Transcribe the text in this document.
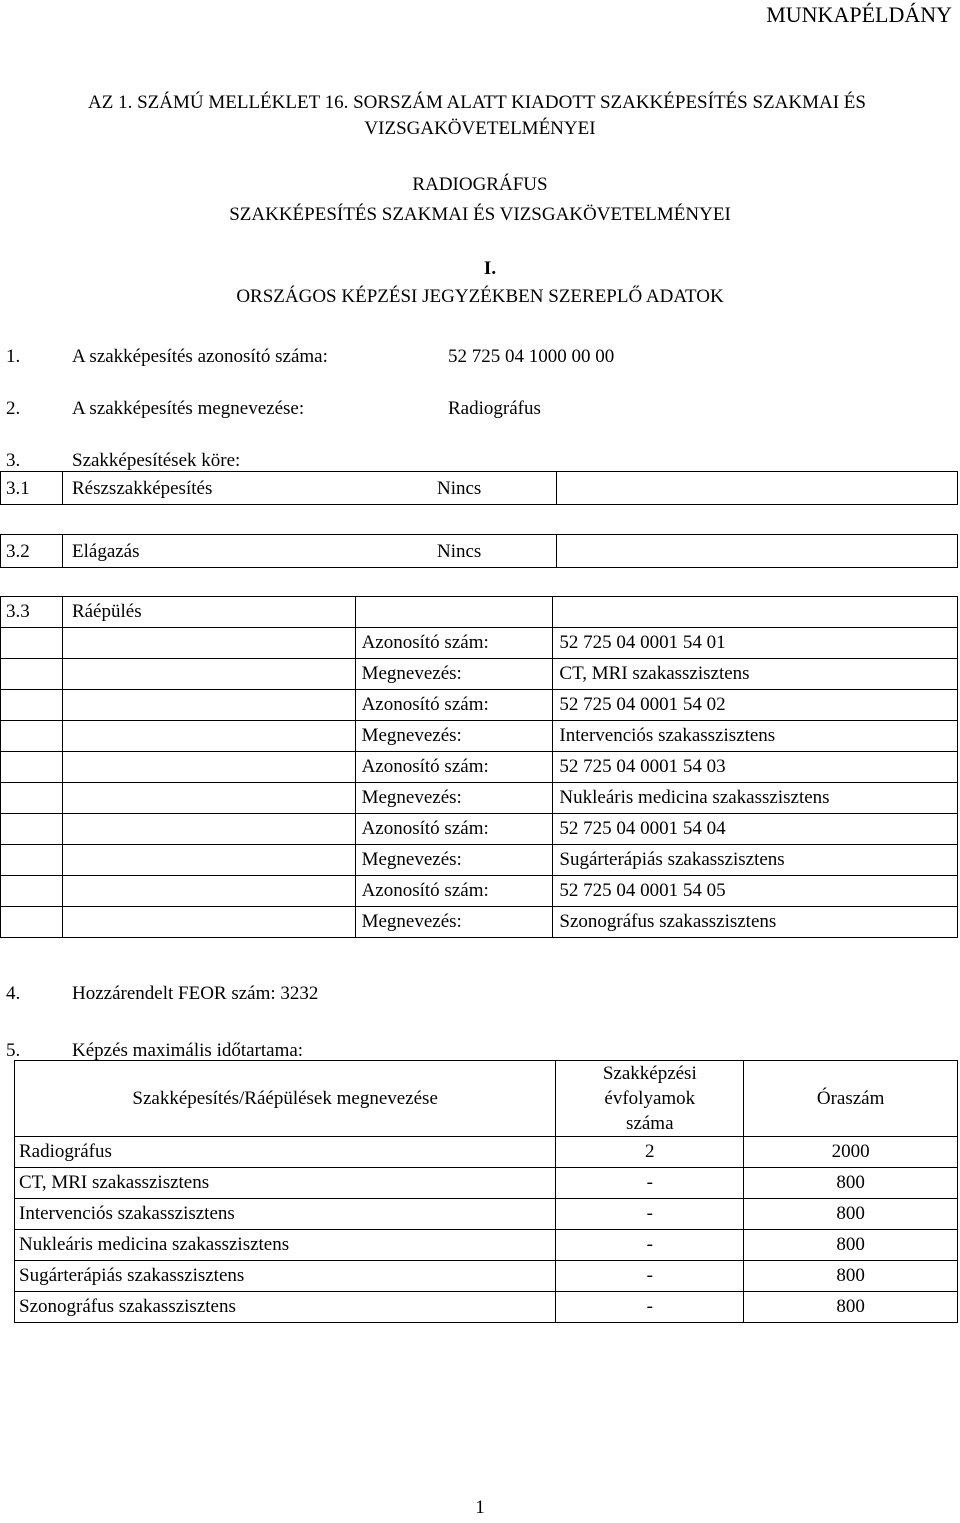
MUNKAPÉLDÁNY
AZ 1. SZÁMÚ MELLÉKLET 16. SORSZÁM ALATT KIADOTT SZAKKÉPESÍTÉS SZAKMAI ÉS
VIZSGAKÖVETELMÉNYEI
RADIOGRÁFUS
SZAKKÉPESÍTÉS SZAKMAI ÉS VIZSGAKÖVETELMÉNYEI
I.
ORSZÁGOS KÉPZÉSI JEGYZÉKBEN SZEREPLŐ ADATOK
1.	A szakképesítés azonosító száma:	52 725 04 1000 00 00
2.	A szakképesítés megnevezése:	Radiográfus
3.	Szakképesítések köre:
3.1 Részszakképesítés	Nincs
3.2 Elágazás	Nincs
3.3	Ráépülés		
		Azonosító szám:	52 725 04 0001 54 01
		Megnevezés:	CT, MRI szakasszisztens
		Azonosító szám:	52 725 04 0001 54 02
		Megnevezés:	Intervenciós szakasszisztens
		Azonosító szám:	52 725 04 0001 54 03
		Megnevezés:	Nukleáris medicina szakasszisztens
		Azonosító szám:	52 725 04 0001 54 04
		Megnevezés:	Sugárterápiás szakasszisztens
		Azonosító szám:	52 725 04 0001 54 05
		Megnevezés:	Szonográfus szakasszisztens
4.	Hozzárendelt FEOR szám: 3232
5.	Képzés maximális időtartama:
Szakképesítés/Ráépülések megnevezése	Szakképzési évfolyamok száma	Óraszám
Radiográfus	2	2000
CT, MRI szakasszisztens	-	800
Intervenciós szakasszisztens	-	800
Nukleáris medicina szakasszisztens	-	800
Sugárterápiás szakasszisztens	-	800
Szonográfus szakasszisztens	-	800
1
